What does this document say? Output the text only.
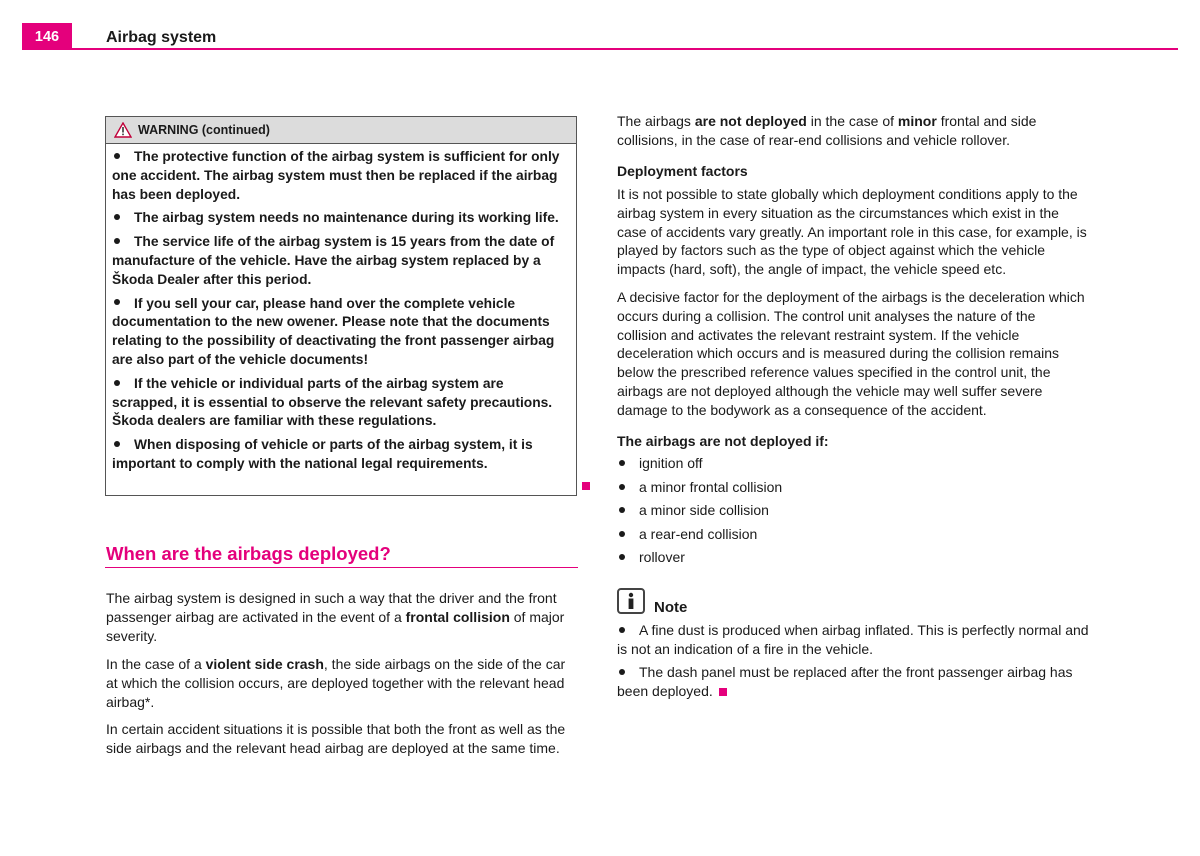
146	Airbag system
WARNING (continued)
The protective function of the airbag system is sufficient for only one accident. The airbag system must then be replaced if the airbag has been deployed.
The airbag system needs no maintenance during its working life.
The service life of the airbag system is 15 years from the date of manufacture of the vehicle. Have the airbag system replaced by a Škoda Dealer after this period.
If you sell your car, please hand over the complete vehicle documentation to the new owener. Please note that the documents relating to the possibility of deactivating the front passenger airbag are also part of the vehicle documents!
If the vehicle or individual parts of the airbag system are scrapped, it is essential to observe the relevant safety precautions. Škoda dealers are familiar with these regulations.
When disposing of vehicle or parts of the airbag system, it is important to comply with the national legal requirements.
When are the airbags deployed?
The airbag system is designed in such a way that the driver and the front passenger airbag are activated in the event of a frontal collision of major severity.
In the case of a violent side crash, the side airbags on the side of the car at which the collision occurs, are deployed together with the relevant head airbag*.
In certain accident situations it is possible that both the front as well as the side airbags and the relevant head airbag are deployed at the same time.
The airbags are not deployed in the case of minor frontal and side collisions, in the case of rear-end collisions and vehicle rollover.
Deployment factors
It is not possible to state globally which deployment conditions apply to the airbag system in every situation as the circumstances which exist in the case of accidents vary greatly. An important role in this case, for example, is played by factors such as the type of object against which the vehicle impacts (hard, soft), the angle of impact, the vehicle speed etc.
A decisive factor for the deployment of the airbags is the deceleration which occurs during a collision. The control unit analyses the nature of the collision and activates the relevant restraint system. If the vehicle deceleration which occurs and is measured during the collision remains below the prescribed reference values specified in the control unit, the airbags are not deployed although the vehicle may well suffer severe damage to the bodywork as a consequence of the accident.
The airbags are not deployed if:
ignition off
a minor frontal collision
a minor side collision
a rear-end collision
rollover
Note
A fine dust is produced when airbag inflated. This is perfectly normal and is not an indication of a fire in the vehicle.
The dash panel must be replaced after the front passenger airbag has been deployed.
